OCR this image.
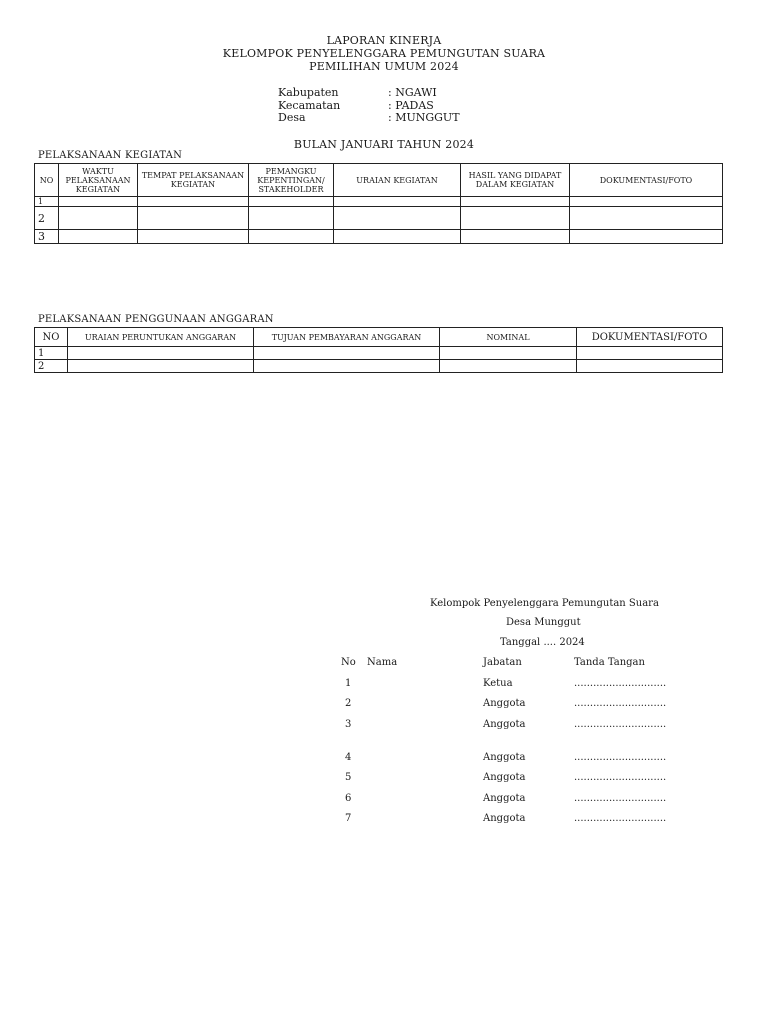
LAPORAN KINERJA
KELOMPOK PENYELENGGARA PEMUNGUTAN SUARA
PEMILIHAN UMUM 2024
Kabupaten	: NGAWI
Kecamatan	: PADAS
Desa	: MUNGGUT
BULAN JANUARI TAHUN 2024
PELAKSANAAN KEGIATAN
NO	WAKTU PELAKSANAAN KEGIATAN	TEMPAT PELAKSANAAN KEGIATAN	PEMANGKU KEPENTINGAN/ STAKEHOLDER	URAIAN KEGIATAN	HASIL YANG DIDAPAT DALAM KEGIATAN	DOKUMENTASI/FOTO
1						
2						
3						
PELAKSANAAN PENGGUNAAN ANGGARAN
NO	URAIAN PERUNTUKAN ANGGARAN	TUJUAN PEMBAYARAN ANGGARAN	NOMINAL	DOKUMENTASI/FOTO
1				
2				
Kelompok Penyelenggara Pemungutan Suara
Desa Munggut
Tanggal .... 2024
No Nama	Jabatan	Tanda Tangan
1	Ketua	.............................
2	Anggota	.............................
3	Anggota	.............................
4	Anggota	.............................
5	Anggota	.............................
6	Anggota	.............................
7	Anggota	.............................
